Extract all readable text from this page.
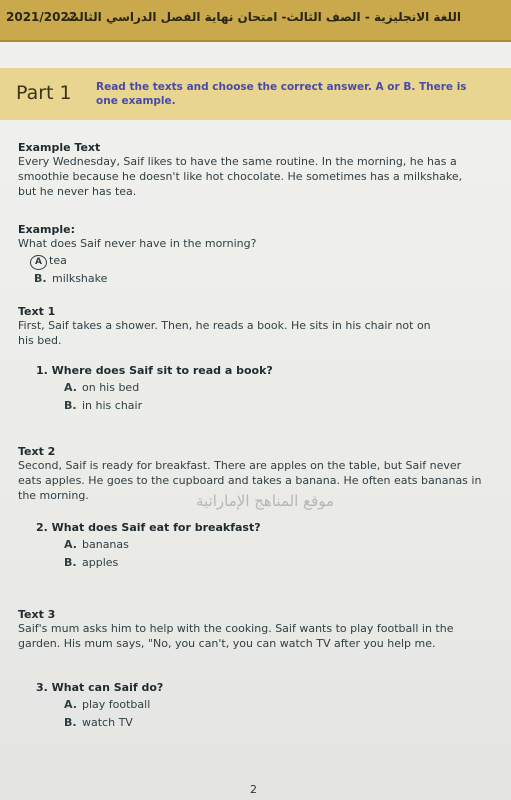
2021/2022
اللغة الانجليزية - الصف الثالث- امتحان نهاية الفصل الدراسي الثالث
Part 1 Read the texts and choose the correct answer. A or B. There is one example.
Example Text
Every Wednesday, Saif likes to have the same routine. In the morning, he has a smoothie because he doesn't like hot chocolate. He sometimes has a milkshake, but he never has tea.
Example:
What does Saif never have in the morning?
A tea
B. milkshake
Text 1
First, Saif takes a shower. Then, he reads a book. He sits in his chair not on his bed.
1. Where does Saif sit to read a book?
A. on his bed
B. in his chair
Text 2
Second, Saif is ready for breakfast. There are apples on the table, but Saif never eats apples. He goes to the cupboard and takes a banana. He often eats bananas in the morning.	موقع المناهج الإماراتية
2. What does Saif eat for breakfast?
A. bananas
B. apples
Text 3
Saif's mum asks him to help with the cooking. Saif wants to play football in the garden. His mum says, "No, you can't, you can watch TV after you help me.
3. What can Saif do?
A. play football
B. watch TV
2
